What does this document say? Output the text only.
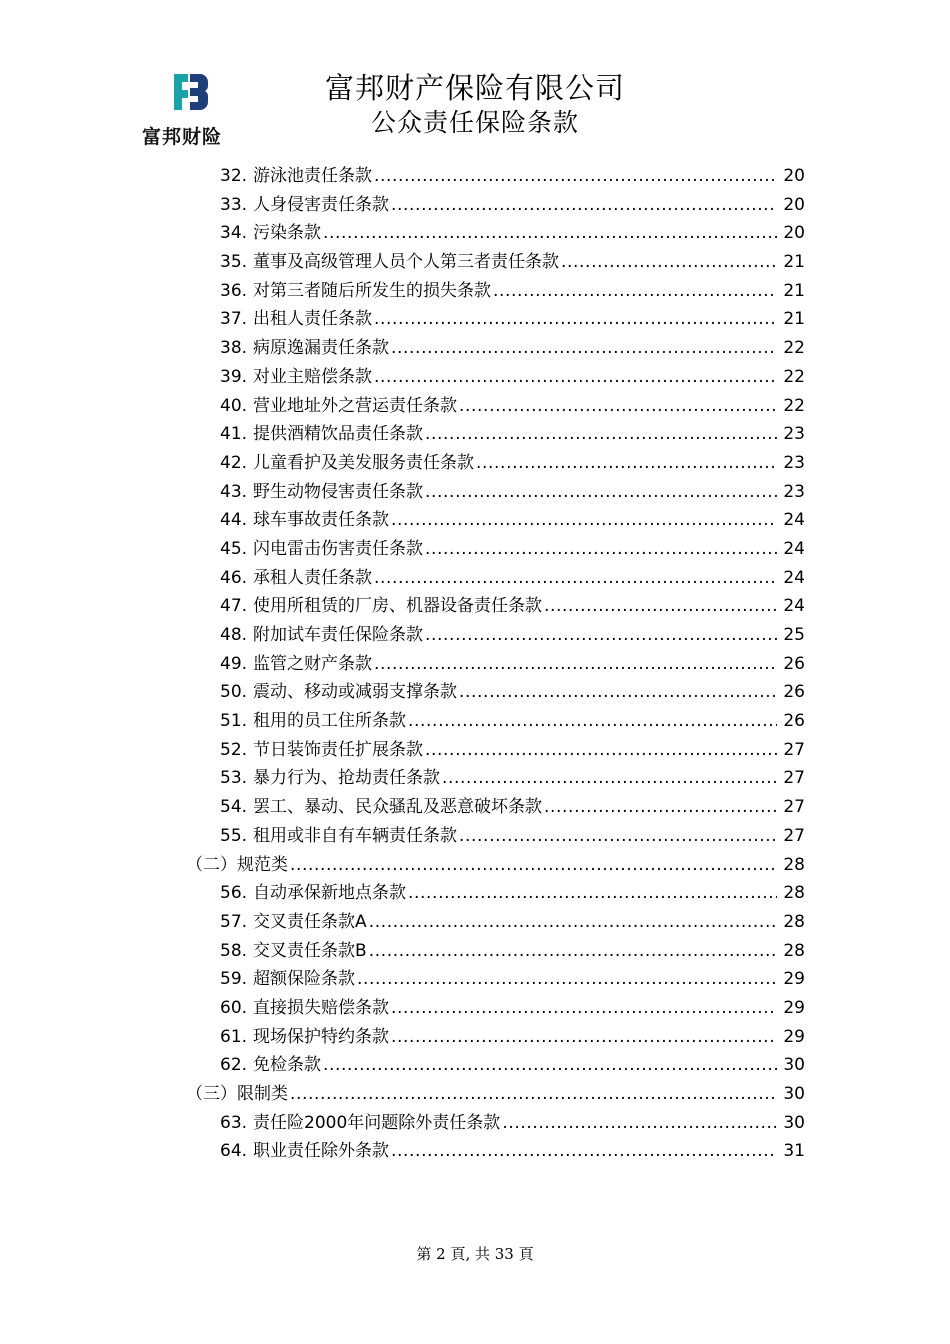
富邦财险
富邦财产保险有限公司
公众责任保险条款
32. 游泳池责任条款 .....	20
33. 人身侵害责任条款 .....	20
34. 污染条款 .....	20
35. 董事及高级管理人员个人第三者责任条款 .....	21
36. 对第三者随后所发生的损失条款 .....	21
37. 出租人责任条款 .....	21
38. 病原逸漏责任条款 .....	22
39. 对业主赔偿条款 .....	22
40. 营业地址外之营运责任条款 .....	22
41. 提供酒精饮品责任条款 .....	23
42. 儿童看护及美发服务责任条款 .....	23
43. 野生动物侵害责任条款 .....	23
44. 球车事故责任条款 .....	24
45. 闪电雷击伤害责任条款 .....	24
46. 承租人责任条款 .....	24
47. 使用所租赁的厂房、机器设备责任条款 .....	24
48. 附加试车责任保险条款 .....	25
49. 监管之财产条款 .....	26
50. 震动、移动或减弱支撑条款 .....	26
51. 租用的员工住所条款 .....	26
52. 节日装饰责任扩展条款 .....	27
53. 暴力行为、抢劫责任条款 .....	27
54. 罢工、暴动、民众骚乱及恶意破坏条款 .....	27
55. 租用或非自有车辆责任条款 .....	27
（二）规范类 .....	28
56. 自动承保新地点条款 .....	28
57. 交叉责任条款A .....	28
58. 交叉责任条款B .....	28
59. 超额保险条款 .....	29
60. 直接损失赔偿条款 .....	29
61. 现场保护特约条款 .....	29
62. 免检条款 .....	30
（三）限制类 .....	30
63. 责任险2000年问题除外责任条款 .....	30
64. 职业责任除外条款 .....	31
第 2 頁, 共 33 頁
